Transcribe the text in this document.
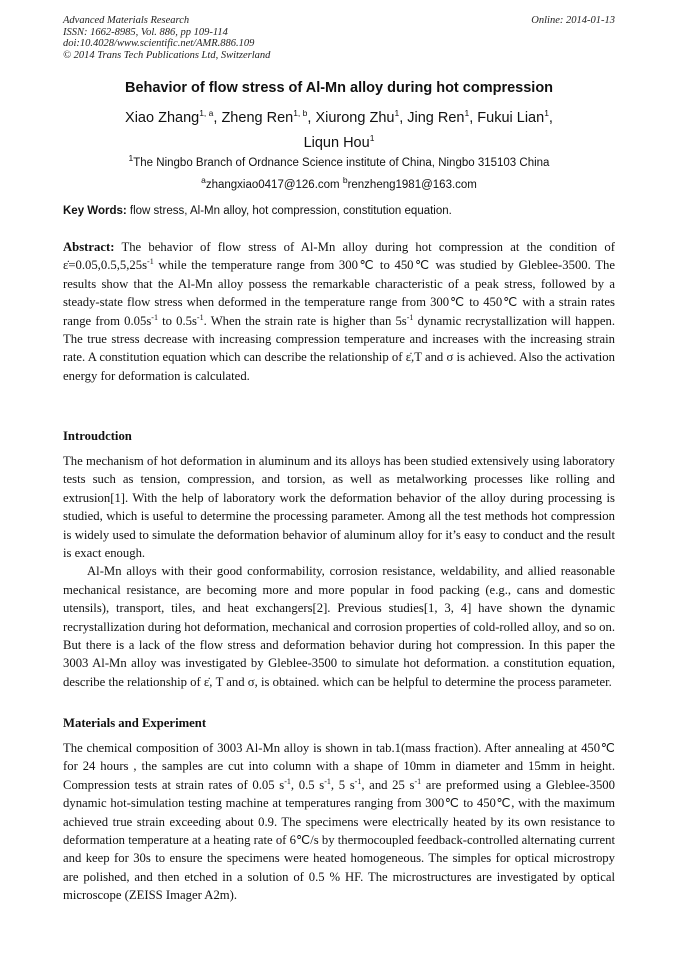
Advanced Materials Research
ISSN: 1662-8985, Vol. 886, pp 109-114
doi:10.4028/www.scientific.net/AMR.886.109
© 2014 Trans Tech Publications Ltd, Switzerland
Online: 2014-01-13
Behavior of flow stress of Al-Mn alloy during hot compression
Xiao Zhang$^{1, a}$, Zheng Ren$^{1, b}$, Xiurong Zhu$^1$, Jing Ren$^1$, Fukui Lian$^1$,
Liqun Hou$^1$
$^1$The Ningbo Branch of Ordnance Science institute of China, Ningbo 315103 China
$^a$zhangxiao0417@126.com $^b$renzheng1981@163.com
Key Words: flow stress, Al-Mn alloy, hot compression, constitution equation.

Abstract: The behavior of flow stress of Al-Mn alloy during hot compression at the condition of $\varepsiloṅ=0.05,0.5,5,25s^{-1}$ while the temperature range from 300℃ to 450℃ was studied by Gleblee-3500. The results show that the Al-Mn alloy possess the remarkable characteristic of a peak stress, followed by a steady-state flow stress when deformed in the temperature range from 300℃ to 450℃ with a strain rates range from $0.05s^{-1}$ to $0.5s^{-1}$. When the strain rate is higher than $5s^{-1}$ dynamic recrystallization will happen. The true stress decrease with increasing compression temperature and increases with the increasing strain rate. A constitution equation which can describe the relationship of ε̇,T and σ is achieved. Also the activation energy for deformation is calculated.

Introudction

The mechanism of hot deformation in aluminum and its alloys has been studied extensively using laboratory tests such as tension, compression, and torsion, as well as metalworking processes like rolling and extrusion[1]. With the help of laboratory work the deformation behavior of the alloy during processing is studied, which is useful to determine the processing parameter. Among all the test methods hot compression is widely used to simulate the deformation behavior of aluminum alloy for it’s easy to conduct and the result is exact enough.

Al-Mn alloys with their good conformability, corrosion resistance, weldability, and allied reasonable mechanical resistance, are becoming more and more popular in food packing (e.g., cans and domestic utensils), transport, tiles, and heat exchangers[2]. Previous studies[1, 3, 4] have shown the dynamic recrystallization during hot deformation, mechanical and corrosion properties of cold-rolled alloy, and so on. But there is a lack of the flow stress and deformation behavior during hot compression. In this paper the 3003 Al-Mn alloy was investigated by Gleblee-3500 to simulate hot deformation. a constitution equation, describe the relationship of ε̇, T and σ, is obtained. which can be helpful to determine the process parameter.

Materials and Experiment

The chemical composition of 3003 Al-Mn alloy is shown in tab.1(mass fraction). After annealing at 450℃ for 24 hours , the samples are cut into column with a shape of 10mm in diameter and 15mm in height. Compression tests at strain rates of 0.05 $s^{-1}$, 0.5 $s^{-1}$, 5 $s^{-1}$, and 25 $s^{-1}$ are preformed using a Gleblee-3500 dynamic hot-simulation testing machine at temperatures ranging from 300℃ to 450℃, with the maximum achieved true strain exceeding about 0.9. The specimens were electrically heated by its own resistance to deformation temperature at a heating rate of 6℃/s by thermocoupled feedback-controlled alternating current and keep for 30s to ensure the specimens were heated homogeneous. The simples for optical microstropy are polished, and then etched in a solution of 0.5 % HF. The microstructures are investigated by optical microscope (ZEISS Imager A2m).
